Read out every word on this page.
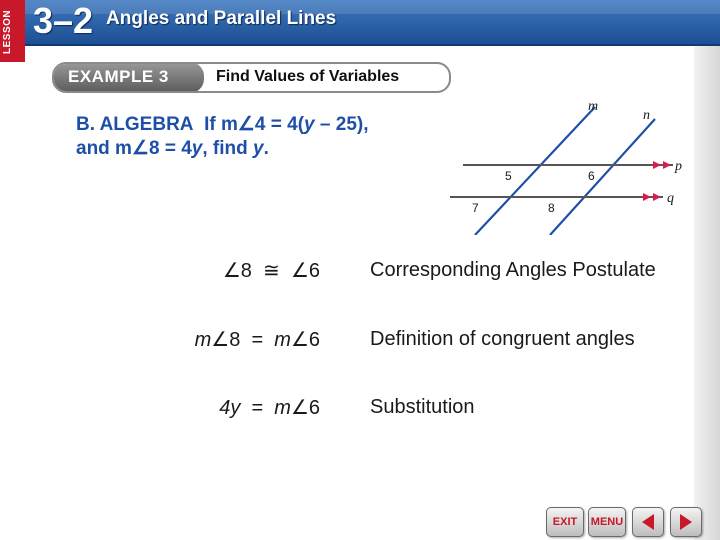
LESSON 3–2 Angles and Parallel Lines
EXAMPLE 3	Find Values of Variables
B. ALGEBRA If m∠4 = 4(y – 25),
and m∠8 = 4y, find y.
m
n
p
q
5	6
7	8
∠8 ≅ ∠6	Corresponding Angles Postulate
m∠8 = m∠6	Definition of congruent angles
4y = m∠6	Substitution
EXIT	MENU
